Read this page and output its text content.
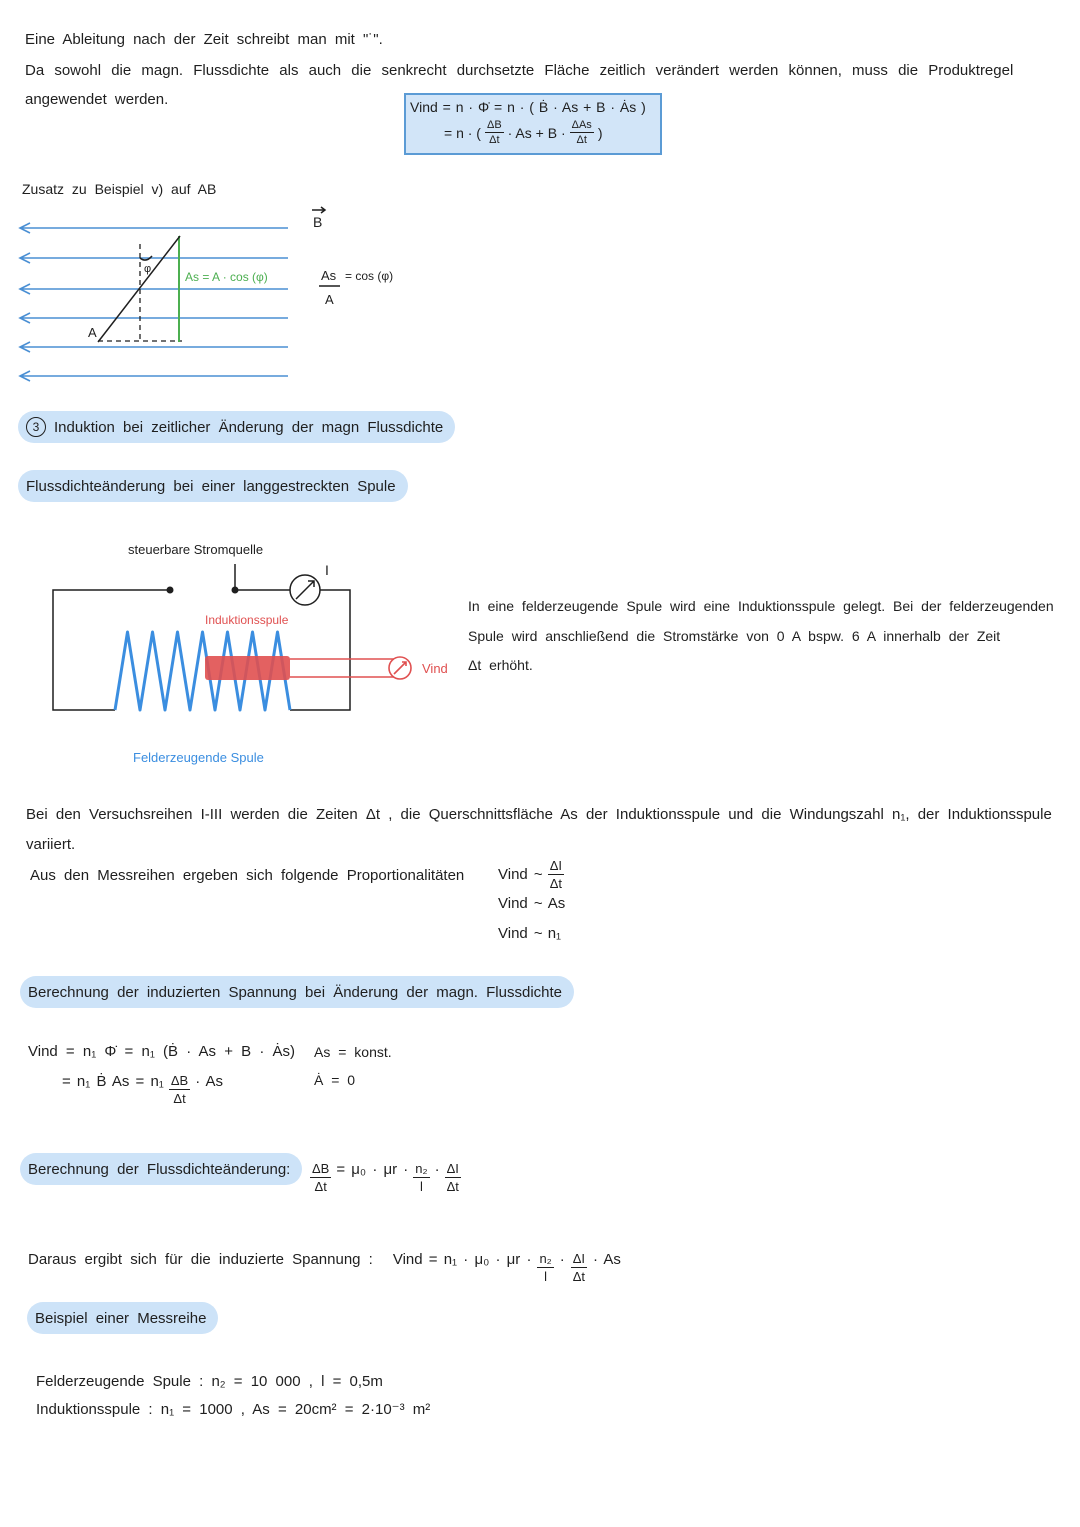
Eine Ableitung nach der Zeit schreibt man mit "˙".
Da sowohl die magn. Flussdichte als auch die senkrecht durchsetzte Fläche zeitlich verändert werden können, muss die Produktregel
angewendet werden.	Vind = n · Φ̇ = n · ( Ḃ · As + B · Ȧs )
= n · ( $\frac{\Delta B}{\Delta t} \cdot As + B \cdot \frac{\text{ΔAs}}{\Delta t}$ )
Zusatz zu Beispiel v) auf AB
φ
As = A · cos (φ)
A
B
As
A
= cos (φ)
3 Induktion bei zeitlicher Änderung der magn Flussdichte
Flussdichteänderung bei einer langgestreckten Spule
steuerbare Stromquelle
I
Vind
Induktionsspule
Felderzeugende Spule
In eine felderzeugende Spule wird eine Induktionsspule gelegt. Bei der felderzeugenden
Spule wird anschließend die Stromstärke von 0 A bspw. 6 A innerhalb der Zeit
Δt erhöht.
Bei den Versuchsreihen I-III werden die Zeiten Δt , die Querschnittsfläche As der Induktionsspule und die Windungszahl n₁, der Induktionsspule
variiert.
Aus den Messreihen ergeben sich folgende Proportionalitäten Vind ~ $\frac{\Delta I}{\Delta t}$
Vind ~ As
Vind ~ n₁
Berechnung der induzierten Spannung bei Änderung der magn. Flussdichte
Vind = n₁ Φ̇ = n₁ (Ḃ · As + B · Ȧs) As = konst.
Ȧ = 0
= n₁ Ḃ $As = n_1 \frac{\Delta B}{\Delta t} \cdot As$
Berechnung der Flussdichteänderung: $\frac{\Delta B}{\Delta t} = \mu_0 \cdot \mu r \cdot \frac{\text{n₂}}{l} \cdot \frac{\Delta I}{\Delta t}$
Daraus ergibt sich für die induzierte Spannung : Vind = $n_1 \cdot \mu_0 \cdot \mu r \cdot \frac{\text{n₂}}{l} \cdot \frac{\Delta I}{\Delta t} \cdot As$
Beispiel einer Messreihe
Felderzeugende Spule : n₂ = 10 000 , l = 0,5m
Induktionsspule : n₁ = 1000 , As = 20cm² = 2·10⁻³ m²
